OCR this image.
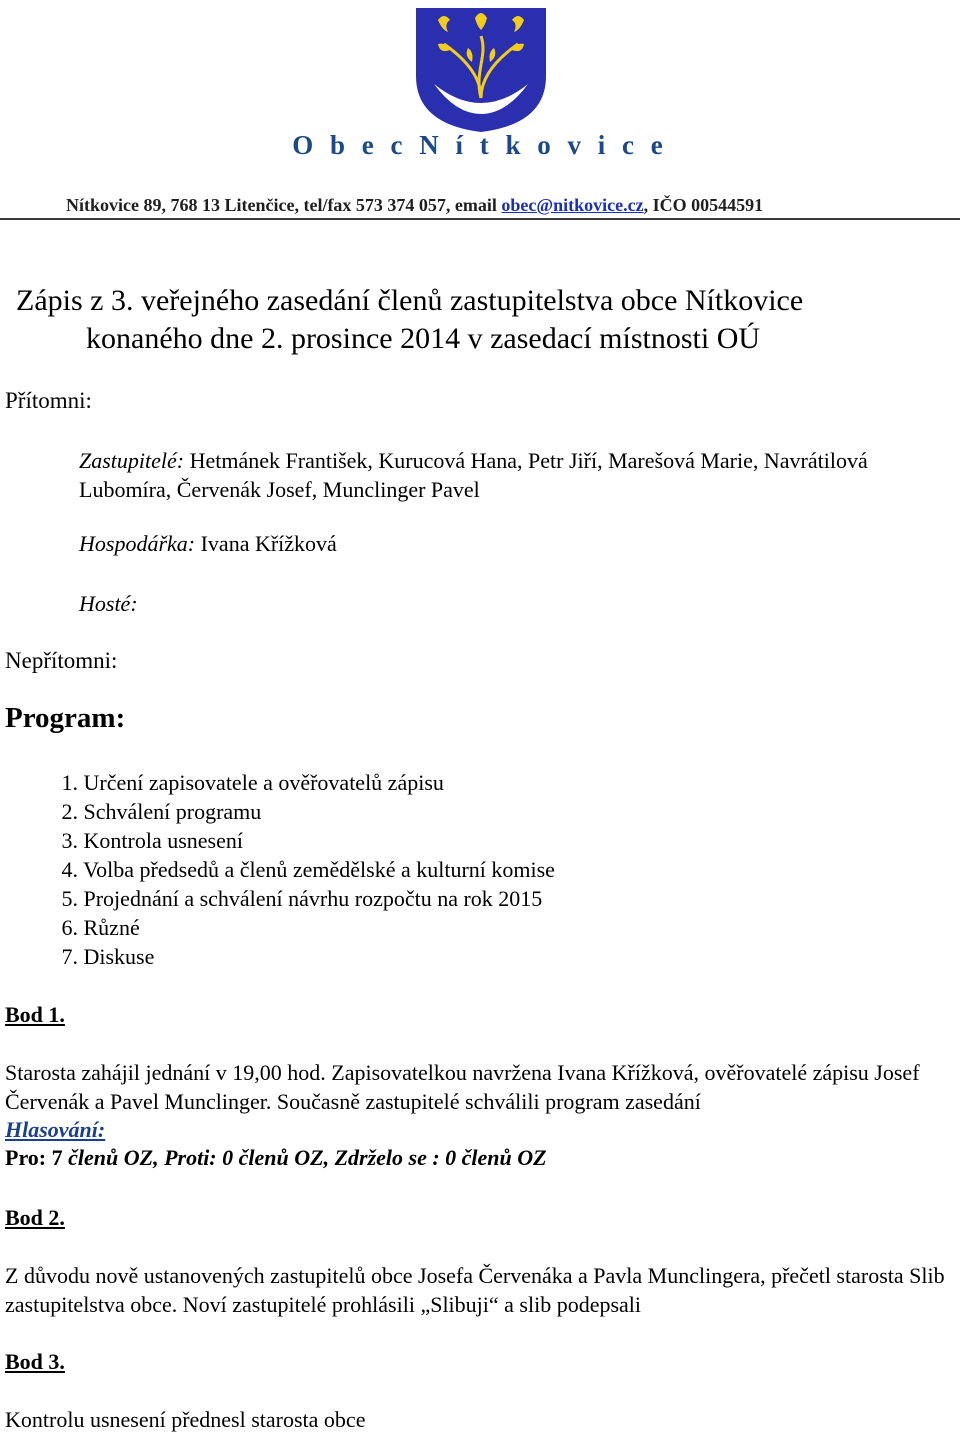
O b e c N í t k o v i c e
Nítkovice 89, 768 13 Litenčice, tel/fax 573 374 057, email obec@nitkovice.cz, IČO 00544591
Zápis z 3. veřejného zasedání členů zastupitelstva obce Nítkovice
konaného dne 2. prosince 2014 v zasedací místnosti OÚ
Přítomni:
Zastupitelé: Hetmánek František, Kurucová Hana, Petr Jiří, Marešová Marie, Navrátilová Lubomíra, Červenák Josef, Munclinger Pavel
Hospodářka: Ivana Křížková
Hosté:
Nepřítomni:
Program:
1. Určení zapisovatele a ověřovatelů zápisu
2. Schválení programu
3. Kontrola usnesení
4. Volba předsedů a členů zemědělské a kulturní komise
5. Projednání a schválení návrhu rozpočtu na rok 2015
6. Různé
7. Diskuse
Bod 1.
Starosta zahájil jednání v 19,00 hod. Zapisovatelkou navržena Ivana Křížková, ověřovatelé zápisu Josef Červenák a Pavel Munclinger. Současně zastupitelé schválili program zasedání
Hlasování:
Pro: 7 členů OZ, Proti: 0 členů OZ, Zdrželo se : 0 členů OZ
Bod 2.
Z důvodu nově ustanovených zastupitelů obce Josefa Červenáka a Pavla Munclingera, přečetl starosta Slib zastupitelstva obce. Noví zastupitelé prohlásili „Slibuji“ a slib podepsali
Bod 3.
Kontrolu usnesení přednesl starosta obce
